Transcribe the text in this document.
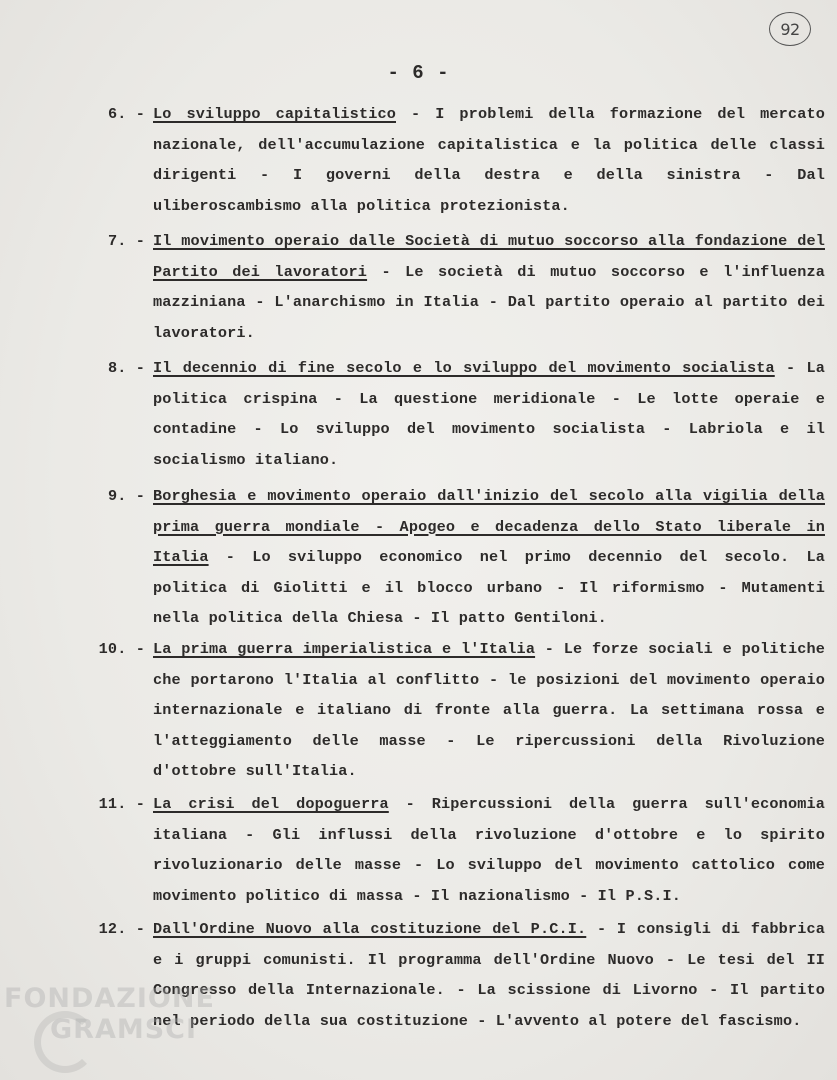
92
- 6 -
6. - Lo sviluppo capitalistico - I problemi della formazione del mercato nazionale, dell'accumulazione capitalistica e la politica delle classi dirigenti - I governi della destra e della sinistra - Dal uliberoscambismo alla politica protezionista.
7. - Il movimento operaio dalle Società di mutuo soccorso alla fondazione del Partito dei lavoratori - Le società di mutuo soccorso e l'influenza mazziniana - L'anarchismo in Italia - Dal partito operaio al partito dei lavoratori.
8. - Il decennio di fine secolo e lo sviluppo del movimento socialista - La politica crispina - La questione meridionale - Le lotte operaie e contadine - Lo sviluppo del movimento socialista - Labriola e il socialismo italiano.
9. - Borghesia e movimento operaio dall'inizio del secolo alla vigilia della prima guerra mondiale - Apogeo e decadenza dello Stato liberale in Italia - Lo sviluppo economico nel primo decennio del secolo. La politica di Giolitti e il blocco urbano - Il riformismo - Mutamenti nella politica della Chiesa - Il patto Gentiloni.
10. - La prima guerra imperialistica e l'Italia - Le forze sociali e politiche che portarono l'Italia al conflitto - le posizioni del movimento operaio internazionale e italiano di fronte alla guerra. La settimana rossa e l'atteggiamento delle masse - Le ripercussioni della Rivoluzione d'ottobre sull'Italia.
11. - La crisi del dopoguerra - Ripercussioni della guerra sull'economia italiana - Gli influssi della rivoluzione d'ottobre e lo spirito rivoluzionario delle masse - Lo sviluppo del movimento cattolico come movimento politico di massa - Il nazionalismo - Il P.S.I.
12. - Dall'Ordine Nuovo alla costituzione del P.C.I. - I consigli di fabbrica e i gruppi comunisti. Il programma dell'Ordine Nuovo - Le tesi del II Congresso della Internazionale. - La scissione di Livorno - Il partito nel periodo della sua costituzione - L'avvento al potere del fascismo.
FONDAZIONE
GRAMSCI
